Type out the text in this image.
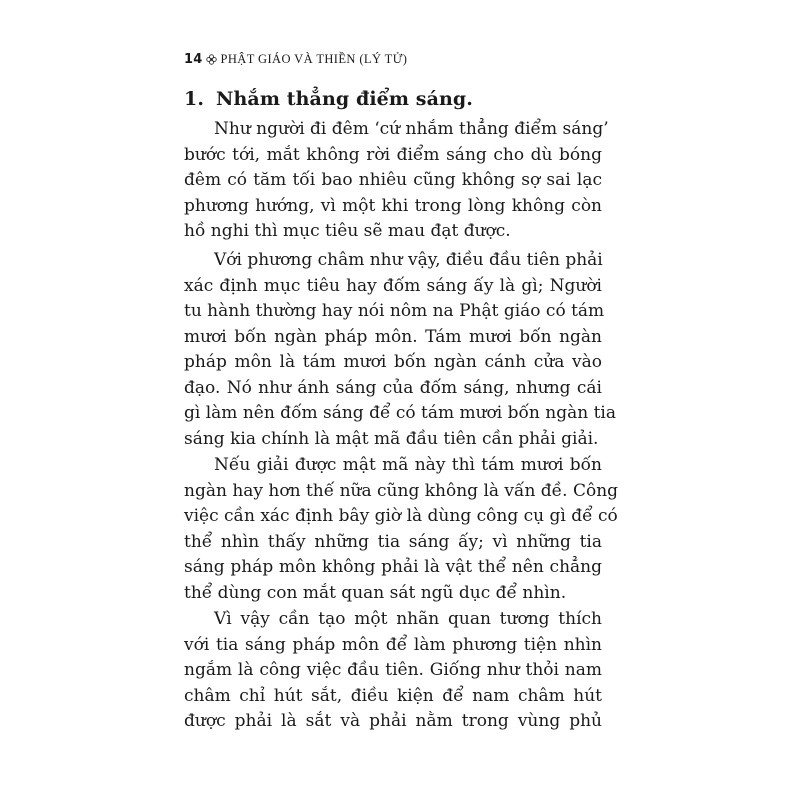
14 PHẬT GIÁO VÀ THIỀN (LÝ TỬ)
1. Nhắm thẳng điểm sáng.
Như người đi đêm ‘cứ nhắm thẳng điểm sáng’
bước tới, mắt không rời điểm sáng cho dù bóng
đêm có tăm tối bao nhiêu cũng không sợ sai lạc
phương hướng, vì một khi trong lòng không còn
hồ nghi thì mục tiêu sẽ mau đạt được.
Với phương châm như vậy, điều đầu tiên phải
xác định mục tiêu hay đốm sáng ấy là gì; Người
tu hành thường hay nói nôm na Phật giáo có tám
mươi bốn ngàn pháp môn. Tám mươi bốn ngàn
pháp môn là tám mươi bốn ngàn cánh cửa vào
đạo. Nó như ánh sáng của đốm sáng, nhưng cái
gì làm nên đốm sáng để có tám mươi bốn ngàn tia
sáng kia chính là mật mã đầu tiên cần phải giải.
Nếu giải được mật mã này thì tám mươi bốn
ngàn hay hơn thế nữa cũng không là vấn đề. Công
việc cần xác định bây giờ là dùng công cụ gì để có
thể nhìn thấy những tia sáng ấy; vì những tia
sáng pháp môn không phải là vật thể nên chẳng
thể dùng con mắt quan sát ngũ dục để nhìn.
Vì vậy cần tạo một nhãn quan tương thích
với tia sáng pháp môn để làm phương tiện nhìn
ngắm là công việc đầu tiên. Giống như thỏi nam
châm chỉ hút sắt, điều kiện để nam châm hút
được phải là sắt và phải nằm trong vùng phủ
